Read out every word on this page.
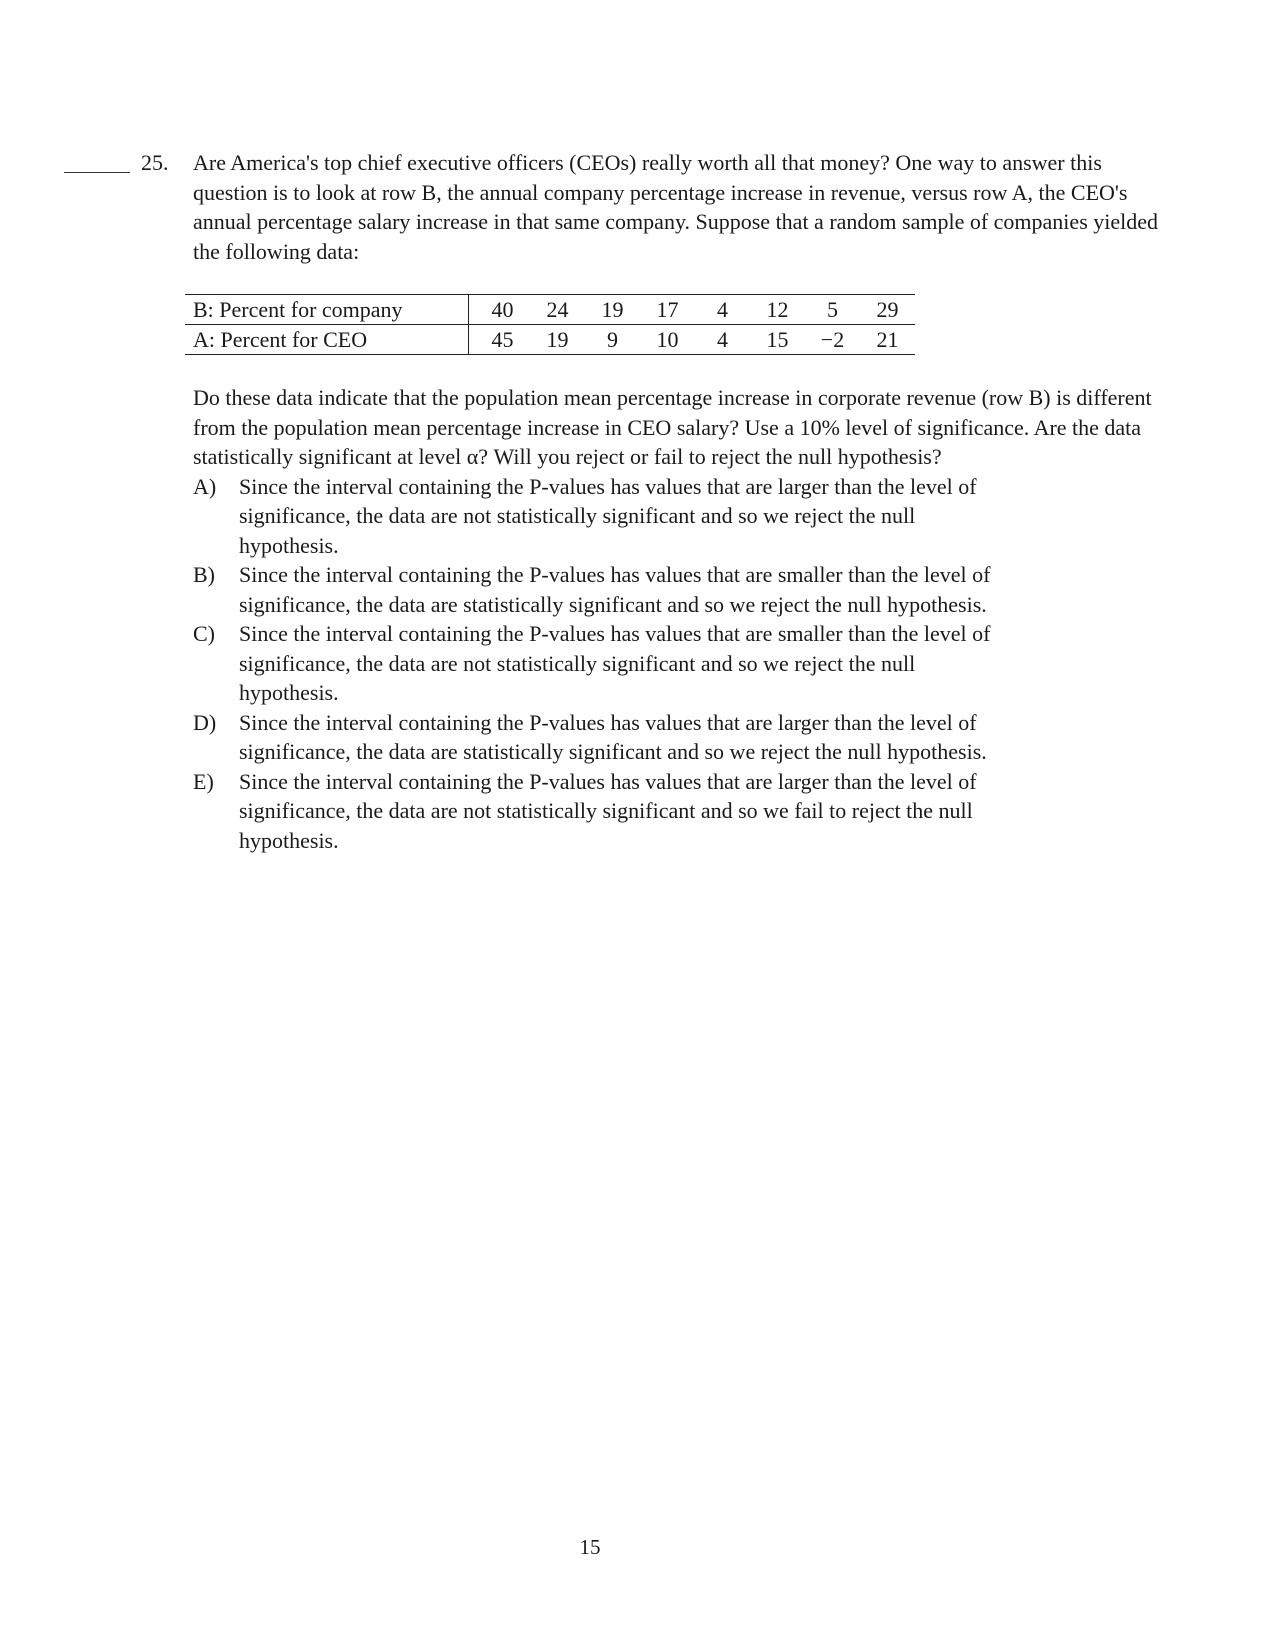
25. Are America's top chief executive officers (CEOs) really worth all that money? One way to answer this question is to look at row B, the annual company percentage increase in revenue, versus row A, the CEO's annual percentage salary increase in that same company. Suppose that a random sample of companies yielded the following data:

B: Percent for company	40	24	19	17	4	12	5	29
A: Percent for CEO	45	19	9	10	4	15	−2	21

Do these data indicate that the population mean percentage increase in corporate revenue (row B) is different from the population mean percentage increase in CEO salary? Use a 10% level of significance. Are the data statistically significant at level α? Will you reject or fail to reject the null hypothesis?

A)	Since the interval containing the P-values has values that are larger than the level of significance, the data are not statistically significant and so we reject the null hypothesis.
B)	Since the interval containing the P-values has values that are smaller than the level of significance, the data are statistically significant and so we reject the null hypothesis.
C)	Since the interval containing the P-values has values that are smaller than the level of significance, the data are not statistically significant and so we reject the null hypothesis.
D)	Since the interval containing the P-values has values that are larger than the level of significance, the data are statistically significant and so we reject the null hypothesis.
E)	Since the interval containing the P-values has values that are larger than the level of significance, the data are not statistically significant and so we fail to reject the null hypothesis.
15
